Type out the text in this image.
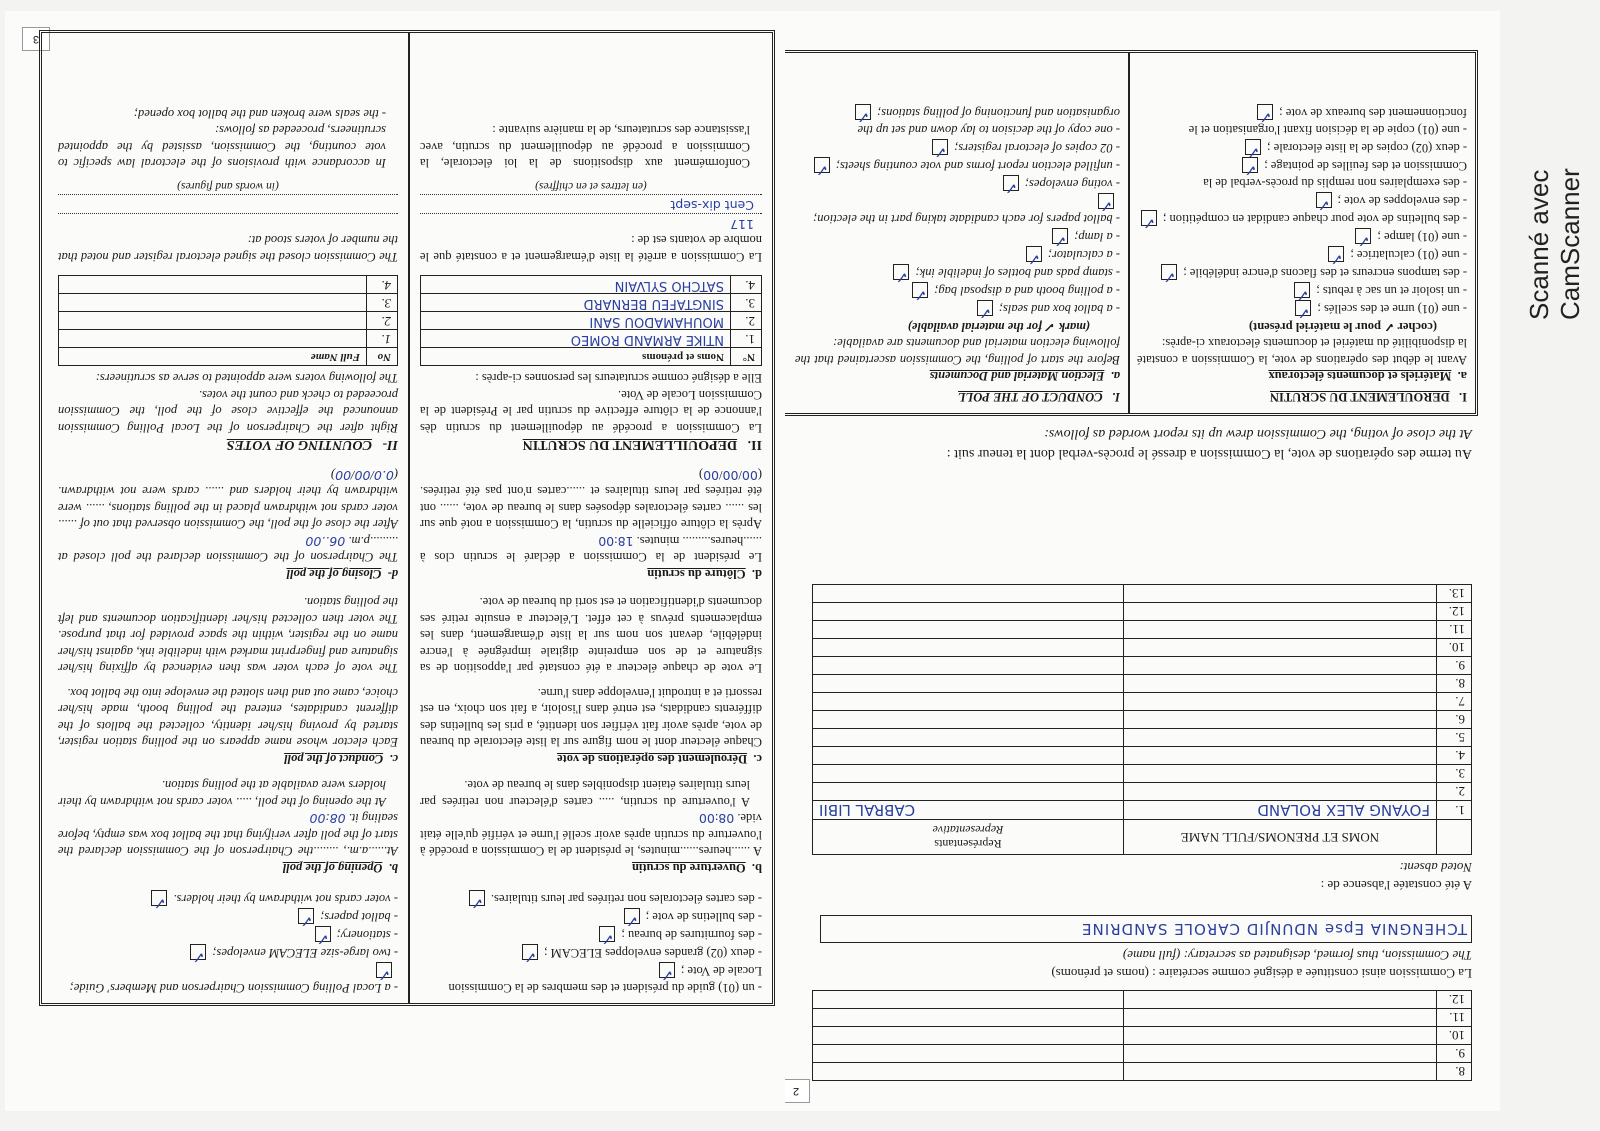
2
8.		
9.		
10.		
11.		
12.		
La Commission ainsi constituée a désigné comme secrétaire : (noms et prénoms)
The Commission, thus formed, designated as secretary: (full name)
TCHENGNIA Epse NDUNJID CAROLE SANDRINE
A été constatée l'absence de :
Noted absent:
	NOMS ET PRENOMS/FULL NAME	Représentants
Representative

1.	FOYANG ALEX ROLAND	CABRAL LIBII
2.		
3.		
4.		
5.		
6.		
7.		
8.		
9.		
10.		
11.		
12.		
13.		
Au terme des opérations de vote, la Commission a dressé le procès-verbal dont la teneur suit :
At the close of voting, the Commission drew up its report worded as follows:
I.   DEROULEMENT DU SCRUTIN
a.  Matériels et documents électoraux
Avant le début des opérations de vote, la Commission a constaté la disponibilité du matériel et documents électoraux ci-après:
(cocher ✓ pour le matériel présent)
- une (01) urne et des scellés ;✓
- un isoloir et un sac à rebuts ;✓
- des tampons encreurs et des flacons d'encre indélébile ;✓
- une (01) calculatrice ;✓
- une (01) lampe ;✓
- des bulletins de vote pour chaque candidat en compétition ;✓
- des enveloppes de vote ;✓
- des exemplaires non remplis du procès-verbal de la Commission et des feuilles de pointage ;✓
- deux (02) copies de la liste électorale ;✓
- une (01) copie de la décision fixant l'organisation et le fonctionnement des bureaux de vote ;✓
I.   CONDUCT OF THE POLL
a.  Election Material and Documents
Before the start of polling, the Commission ascertained that the following election material and documents are available:
(mark ✓ for the material available)
- a ballot box and seals;✓
- a polling booth and a disposal bag;✓
- stamp pads and bottles of indelible ink;✓
- a calculator;✓
- a lamp;✓
- ballot papers for each candidate taking part in the election;✓
- voting envelopes;✓
- unfilled election report forms and vote counting sheets;✓
- 02 copies of electoral registers;✓
- one copy of the decision to lay down and set up the organisation and functioning of polling stations;✓
3
- un (01) guide du président et des membres de la Commission Locale de Vote ;✓
- deux (02) grandes enveloppes ELECAM ;✓
- des fournitures de bureau ;✓
- des bulletins de vote ;✓
- des cartes électorales non retirées par leurs titulaires.✓
b.  Ouverture du scrutin
A ......heures......minutes, le président de la Commission a procédé à l'ouverture du scrutin après avoir scellé l'urne et vérifié qu'elle était vide. 08:00
A l'ouverture du scrutin, ..... cartes d'électeur non retirées par leurs titulaires étaient disponibles dans le bureau de vote.
c.  Déroulement des opérations de vote
Chaque électeur dont le nom figure sur la liste électorale du bureau de vote, après avoir fait vérifier son identité, a pris les bulletins des différents candidats, est entré dans l'isoloir, a fait son choix, en est ressorti et a introduit l'enveloppe dans l'urne.
Le vote de chaque électeur a été constaté par l'apposition de sa signature et de son empreinte digitale imprégnée à l'encre indélébile, devant son nom sur la liste d'émargement, dans les emplacements prévus à cet effet. L'électeur a ensuite retiré ses documents d'identification et est sorti du bureau de vote.
d.  Clôture du scrutin
Le président de la Commission a déclaré le scrutin clos à ......heures......... minutes. 18:00
Après la clôture officielle du scrutin, la Commission a noté que sur les ...... cartes électorales déposées dans le bureau de vote, ...... ont été retirées par leurs titulaires et ......cartes n'ont pas été retirées. (00/00/00)
II.   DEPOUILLEMENT DU SCRUTIN
La Commission a procédé au dépouillement du scrutin dès l'annonce de la clôture effective du scrutin par le Président de la Commission Locale de Vote.
Elle a désigné comme scrutateurs les personnes ci-après :
N°	Noms et prénoms
1.	NTIKE ARMAND ROMEO
2.	MOUHAMADOU SANI
3.	SINGTAFEU BERNARD
4.	SATCHO SYLVAIN
La Commission a arrêté la liste d'émargement et a constaté que le nombre de votants est de :
117
Cent dix-sept
(en lettres et en chiffres)
Conformément aux dispositions de la loi électorale, la Commission a procédé au dépouillement du scrutin, avec l'assistance des scrutateurs, de la manière suivante :
- a Local Polling Commission Chairperson and Members' Guide;✓
- two large-size ELECAM envelopes;✓
- stationery;✓
- ballot papers;✓
- voter cards not withdrawn by their holders.✓
b.  Opening of the poll
At......a.m., ........the Chairperson of the Commission declared the start of the poll after verifying that the ballot box was empty, before sealing it. 08:00
At the opening of the poll, ..... voter cards not withdrawn by their holders were available at the polling station.
c.  Conduct of the poll
Each elector whose name appears on the polling station register, started by proving his/her identity, collected the ballots of the different candidates, entered the polling booth, made his/her choice, came out and then slotted the envelope into the ballot box.
The vote of each voter was then evidenced by affixing his/her signature and fingerprint marked with indelible ink, against his/her name on the register, within the space provided for that purpose. The voter then collected his/her identification documents and left the polling station.
d-  Closing of the poll
The Chairperson of the Commission declared the poll closed at .........p.m. 06..00
After the close of the poll, the Commission observed that out of ...... voter cards not withdrawn placed in the polling stations, ...... were withdrawn by their holders and ...... cards were not withdrawn. (0.0/00/00)
II-   COUNTING OF VOTES
Right after the Chairperson of the Local Polling Commission announced the effective close of the poll, the Commission proceeded to check and count the votes.
The following voters were appointed to serve as scrutineers:
No	Full Name
1.	
2.	
3.	
4.	
The Commission closed the signed electoral register and noted that the number of voters stood at:
(in words and figures)
In accordance with provisions of the electoral law specific to vote counting, the Commission, assisted by the appointed scrutineers, proceeded as follows:
- the seals were broken and the ballot box opened;
Scanné avec CamScanner
